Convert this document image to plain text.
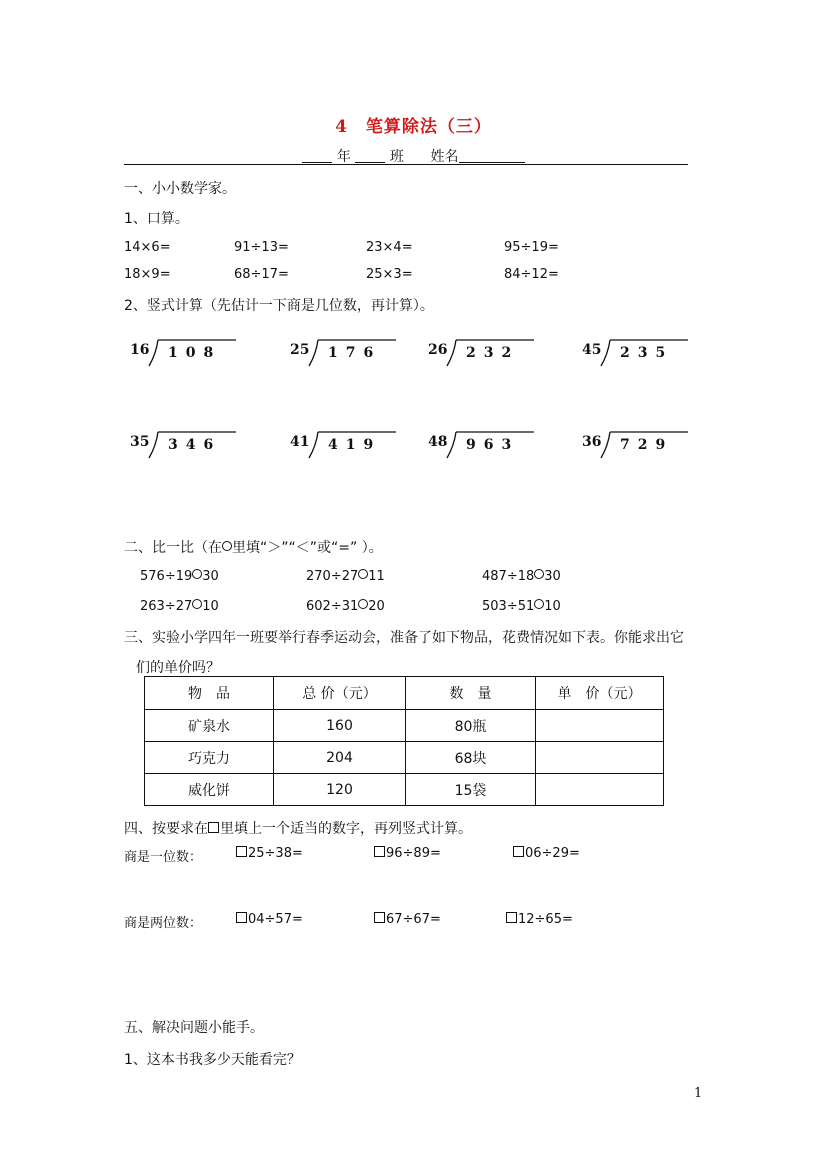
4　笔算除法（三）
年	班 姓名
一、小小数学家。
1、口算。
14×6=	91÷13=	23×4=	95÷19=
18×9=	68÷17=	25×3=	84÷12=
2、竖式计算（先估计一下商是几位数，再计算）。
16 108	25 176	26 232	45 235
35 346	41 419	48 963	36 729
二、比一比（在 里填“＞”“＜”或“=” ）。
576÷19 30	270÷27 11	487÷18 30
263÷27 10	602÷31 20	503÷51 10
三、实验小学四年一班要举行春季运动会，准备了如下物品，花费情况如下表。你能求出它
们的单价吗？
物　品	总 价（元）	数　量	单　价（元）
矿泉水	160	80瓶	
巧克力	204	68块	
威化饼	120	15袋	
四、按要求在 里填上一个适当的数字，再列竖式计算。
商是一位数：	25÷38=	96÷89=	06÷29=
商是两位数：	04÷57=	67÷67=	12÷65=
五、解决问题小能手。
1、这本书我多少天能看完？
1
